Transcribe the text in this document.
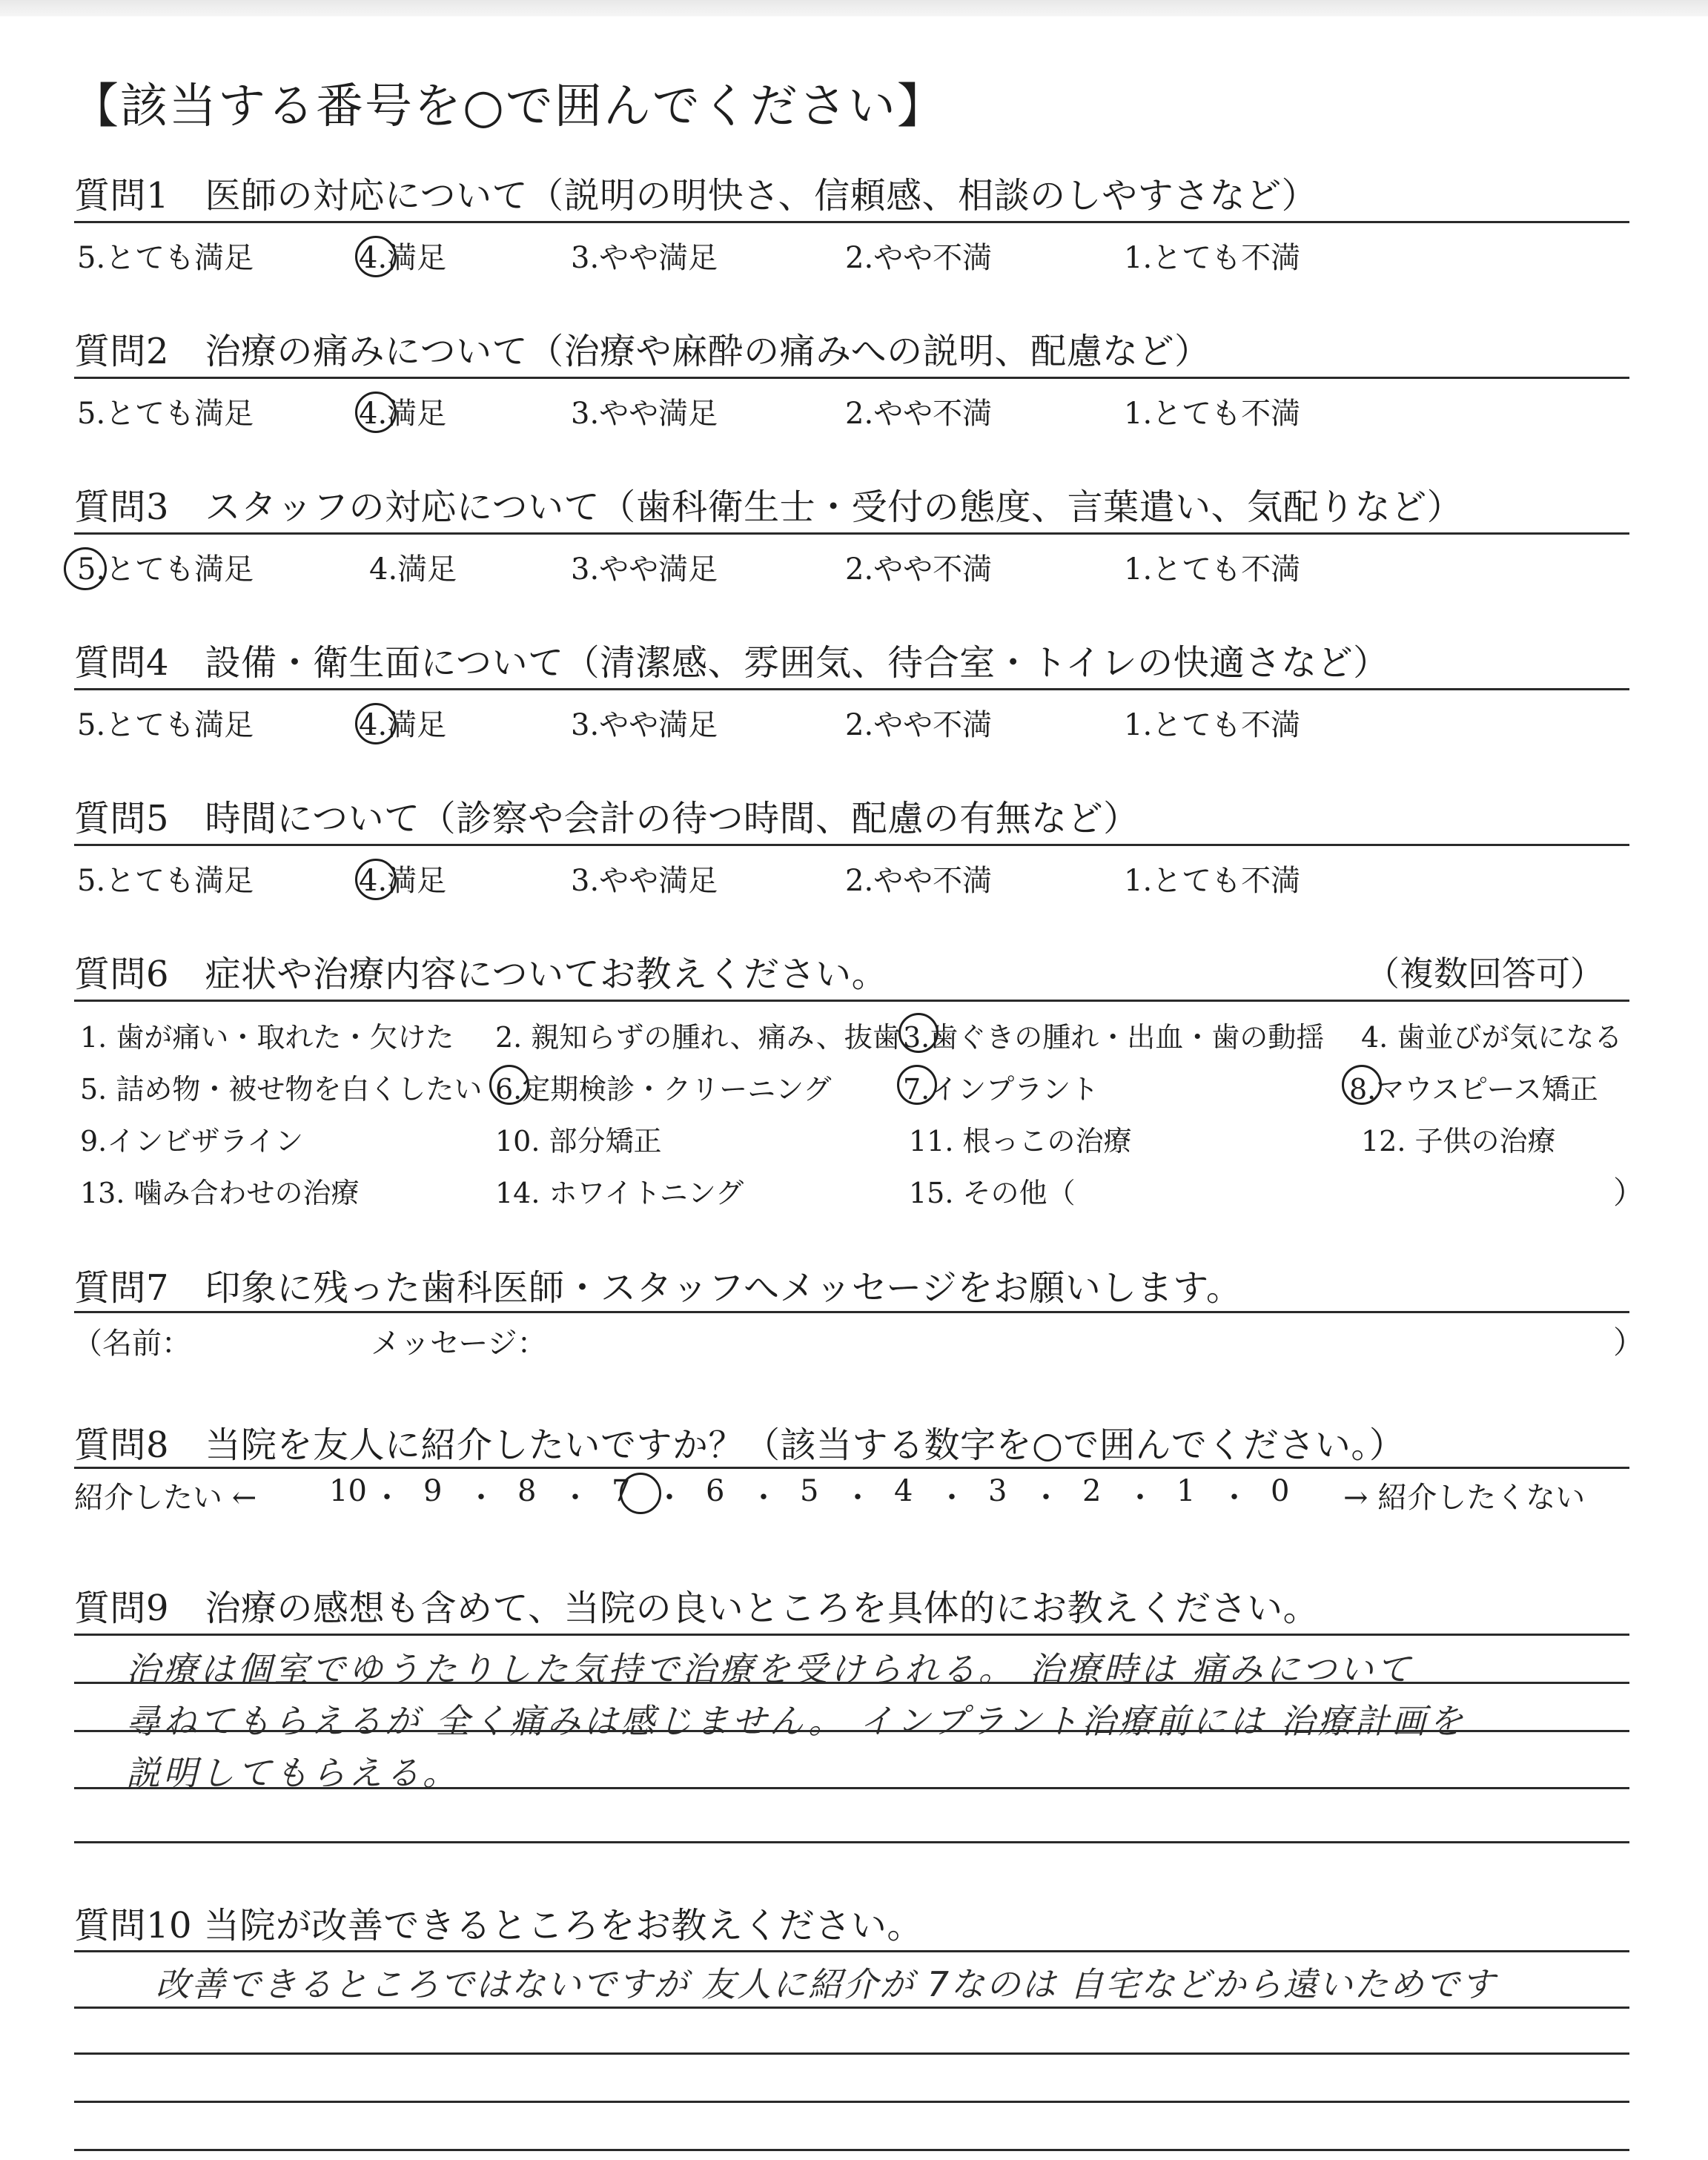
【該当する番号を○で囲んでください】
質問1　医師の対応について（説明の明快さ、信頼感、相談のしやすさなど）
5.とても満足	4.満足	3.やや満足	2.やや不満	1.とても不満
質問2　治療の痛みについて（治療や麻酔の痛みへの説明、配慮など）
5.とても満足	4.満足	3.やや満足	2.やや不満	1.とても不満
質問3　スタッフの対応について（歯科衛生士・受付の態度、言葉遣い、気配りなど）
5.とても満足	4.満足	3.やや満足	2.やや不満	1.とても不満
質問4　設備・衛生面について（清潔感、雰囲気、待合室・トイレの快適さなど）
5.とても満足	4.満足	3.やや満足	2.やや不満	1.とても不満
質問5　時間について（診察や会計の待つ時間、配慮の有無など）
5.とても満足	4.満足	3.やや満足	2.やや不満	1.とても不満
質問6　症状や治療内容についてお教えください。	（複数回答可）
1. 歯が痛い・取れた・欠けた 2. 親知らずの腫れ、痛み、抜歯 3.歯ぐきの腫れ・出血・歯の動揺 4. 歯並びが気になる
5. 詰め物・被せ物を白くしたい 6.定期検診・クリーニング	7.インプラント	8.マウスピース矯正
9.インビザライン	10. 部分矯正	11. 根っこの治療	12. 子供の治療
13. 噛み合わせの治療	14. ホワイトニング	15. その他（	）
質問7　印象に残った歯科医師・スタッフへメッセージをお願いします。
（名前：	メッセージ：	）
質問8　当院を友人に紹介したいですか？（該当する数字を○で囲んでください。）
紹介したい ← 10 ・ 9 ・ 8 ・ 7 ・ 6 ・ 5 ・ 4 ・ 3 ・ 2 ・ 1 ・ 0 → 紹介したくない
質問9　治療の感想も含めて、当院の良いところを具体的にお教えください。
治療は個室でゆうたりした気持で治療を受けられる。 治療時は 痛みについて
尋ねてもらえるが 全く痛みは感じません。 インプラント治療前には 治療計画を
説明してもらえる。
質問10 当院が改善できるところをお教えください。
改善できるところではないですが 友人に紹介が 7なのは 自宅などから遠いためです
